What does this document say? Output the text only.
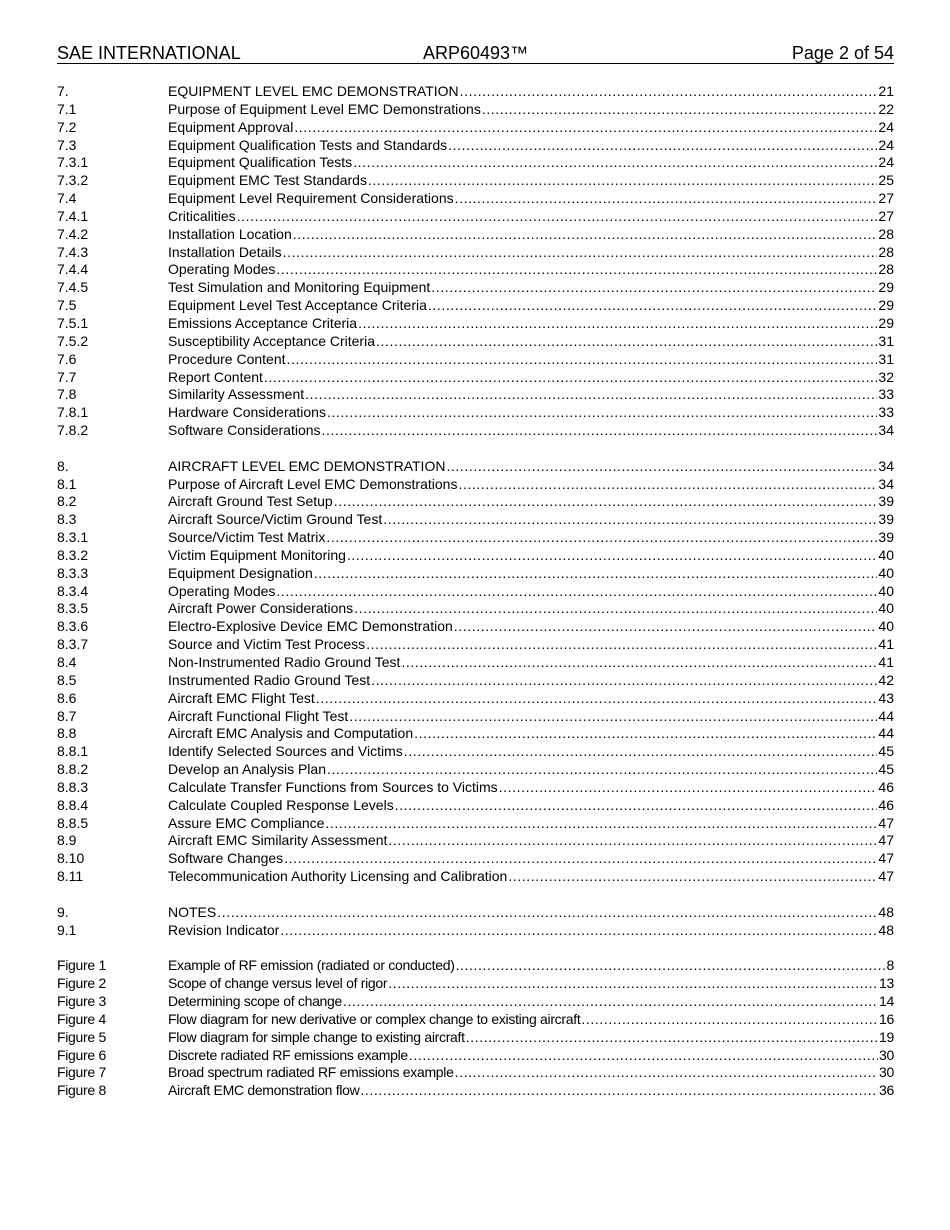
SAE INTERNATIONAL	ARP60493™	Page 2 of 54
7.	EQUIPMENT LEVEL EMC DEMONSTRATION .....	21
7.1	Purpose of Equipment Level EMC Demonstrations .....	22
7.2	Equipment Approval .....	24
7.3	Equipment Qualification Tests and Standards .....	24
7.3.1	Equipment Qualification Tests .....	24
7.3.2	Equipment EMC Test Standards .....	25
7.4	Equipment Level Requirement Considerations .....	27
7.4.1	Criticalities .....	27
7.4.2	Installation Location .....	28
7.4.3	Installation Details .....	28
7.4.4	Operating Modes .....	28
7.4.5	Test Simulation and Monitoring Equipment .....	29
7.5	Equipment Level Test Acceptance Criteria .....	29
7.5.1	Emissions Acceptance Criteria .....	29
7.5.2	Susceptibility Acceptance Criteria .....	31
7.6	Procedure Content .....	31
7.7	Report Content .....	32
7.8	Similarity Assessment .....	33
7.8.1	Hardware Considerations .....	33
7.8.2	Software Considerations .....	34
8.	AIRCRAFT LEVEL EMC DEMONSTRATION .....	34
8.1	Purpose of Aircraft Level EMC Demonstrations .....	34
8.2	Aircraft Ground Test Setup .....	39
8.3	Aircraft Source/Victim Ground Test .....	39
8.3.1	Source/Victim Test Matrix .....	39
8.3.2	Victim Equipment Monitoring .....	40
8.3.3	Equipment Designation .....	40
8.3.4	Operating Modes .....	40
8.3.5	Aircraft Power Considerations .....	40
8.3.6	Electro-Explosive Device EMC Demonstration .....	40
8.3.7	Source and Victim Test Process .....	41
8.4	Non-Instrumented Radio Ground Test .....	41
8.5	Instrumented Radio Ground Test .....	42
8.6	Aircraft EMC Flight Test .....	43
8.7	Aircraft Functional Flight Test .....	44
8.8	Aircraft EMC Analysis and Computation .....	44
8.8.1	Identify Selected Sources and Victims .....	45
8.8.2	Develop an Analysis Plan .....	45
8.8.3	Calculate Transfer Functions from Sources to Victims .....	46
8.8.4	Calculate Coupled Response Levels .....	46
8.8.5	Assure EMC Compliance .....	47
8.9	Aircraft EMC Similarity Assessment .....	47
8.10	Software Changes .....	47
8.11	Telecommunication Authority Licensing and Calibration .....	47
9.	NOTES .....	48
9.1	Revision Indicator .....	48
Figure 1	Example of RF emission (radiated or conducted) .....	8
Figure 2	Scope of change versus level of rigor .....	13
Figure 3	Determining scope of change .....	14
Figure 4	Flow diagram for new derivative or complex change to existing aircraft .....	16
Figure 5	Flow diagram for simple change to existing aircraft .....	19
Figure 6	Discrete radiated RF emissions example .....	30
Figure 7	Broad spectrum radiated RF emissions example .....	30
Figure 8	Aircraft EMC demonstration flow .....	36
